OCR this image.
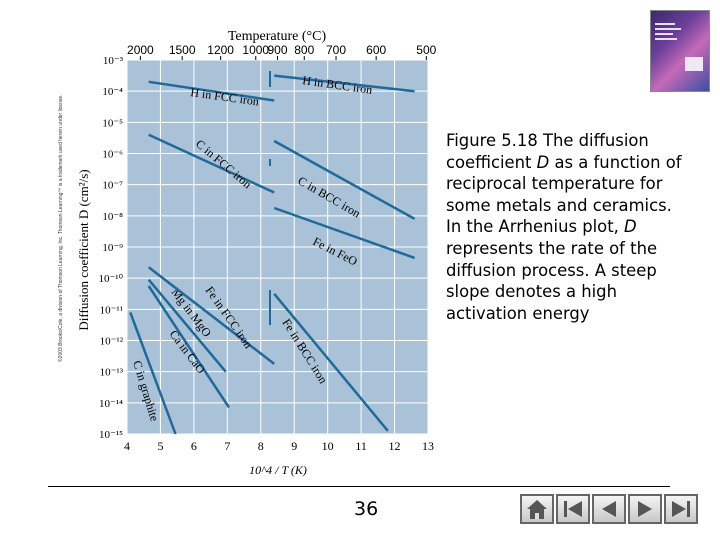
©2003 Brooks/Cole, a division of Thomson Learning, Inc. Thomson Learning™ is a trademark used herein under license.
4 5 6 7 8 9 10 11 12 13
10⁻³
10⁻⁴
10⁻⁵
10⁻⁶
10⁻⁷
10⁻⁸
10⁻⁹
10⁻¹⁰
10⁻¹¹
10⁻¹²
10⁻¹³
10⁻¹⁴
10⁻¹⁵
2000 1500 1200 1000
900 800 700 600	500
Temperature (°C)
10^4 / T (K)
Diffusion coefficient D (cm²/s)
H in FCC iron
H in BCC iron
C in FCC iron
C in BCC iron
Fe in FeO
Mg in MgO
Fe in FCC iron Fe in BCC iron
Ca in CaO
C in graphite
Figure 5.18 The diffusion coefficient D as a function of reciprocal temperature for some metals and ceramics. In the Arrhenius plot, D represents the rate of the diffusion process. A steep slope denotes a high activation energy
36
